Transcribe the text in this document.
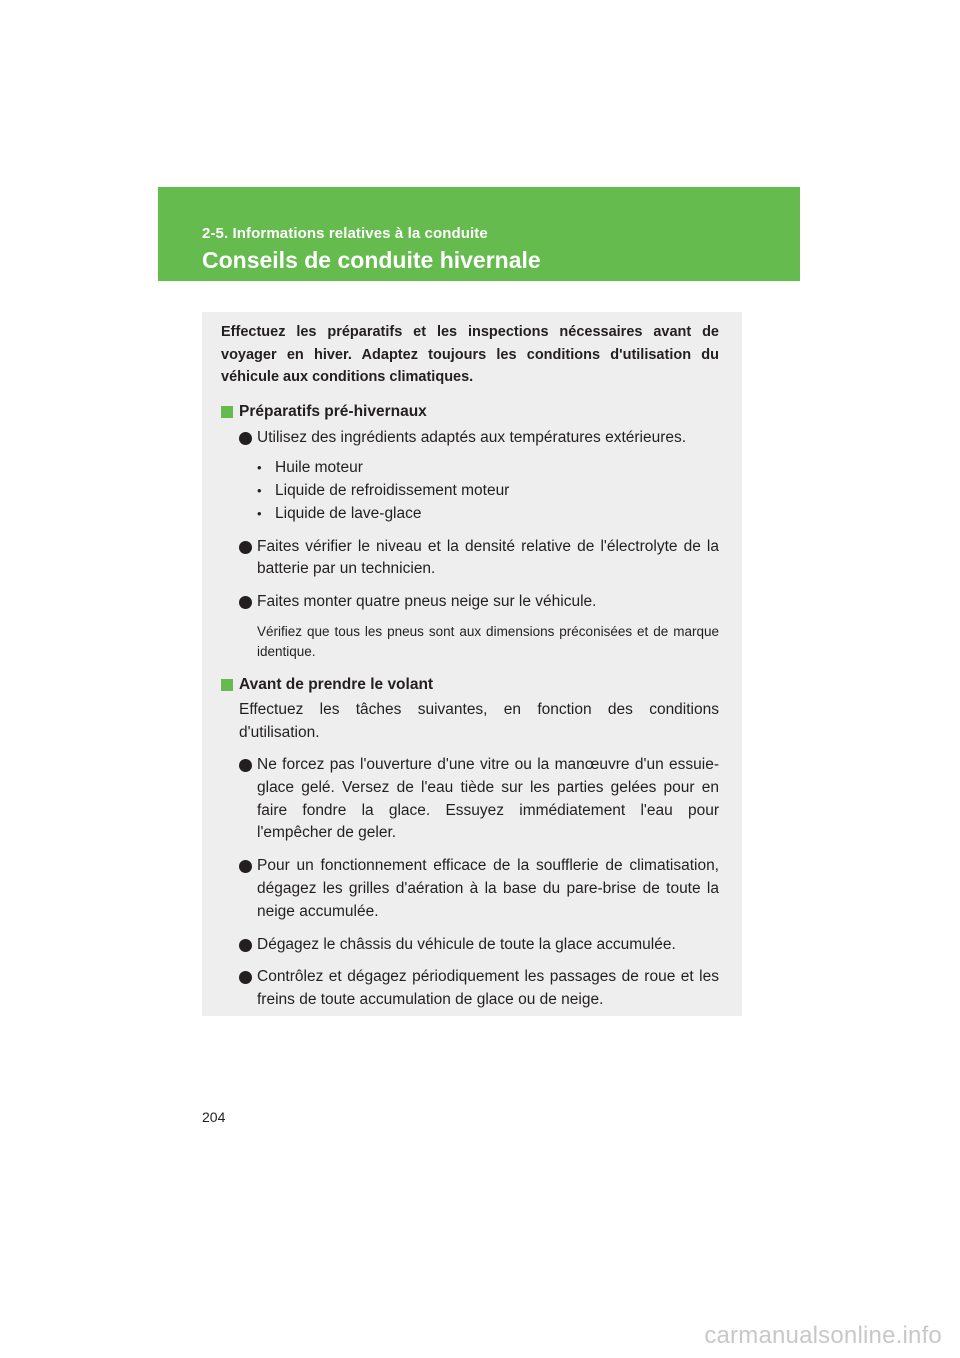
2-5. Informations relatives à la conduite
Conseils de conduite hivernale

Effectuez les préparatifs et les inspections nécessaires avant de voyager en hiver. Adaptez toujours les conditions d'utilisation du véhicule aux conditions climatiques.

Préparatifs pré-hivernaux
Utilisez des ingrédients adaptés aux températures extérieures.
• Huile moteur
• Liquide de refroidissement moteur
• Liquide de lave-glace
Faites vérifier le niveau et la densité relative de l'électrolyte de la batterie par un technicien.
Faites monter quatre pneus neige sur le véhicule.

Vérifiez que tous les pneus sont aux dimensions préconisées et de marque identique.

Avant de prendre le volant

Effectuez les tâches suivantes, en fonction des conditions d'utilisation.

Ne forcez pas l'ouverture d'une vitre ou la manœuvre d'un essuie-glace gelé. Versez de l'eau tiède sur les parties gelées pour en faire fondre la glace. Essuyez immédiatement l'eau pour l'empêcher de geler.
Pour un fonctionnement efficace de la soufflerie de climatisation, dégagez les grilles d'aération à la base du pare-brise de toute la neige accumulée.
Dégagez le châssis du véhicule de toute la glace accumulée.
Contrôlez et dégagez périodiquement les passages de roue et les freins de toute accumulation de glace ou de neige.
204
carmanualsonline.info
